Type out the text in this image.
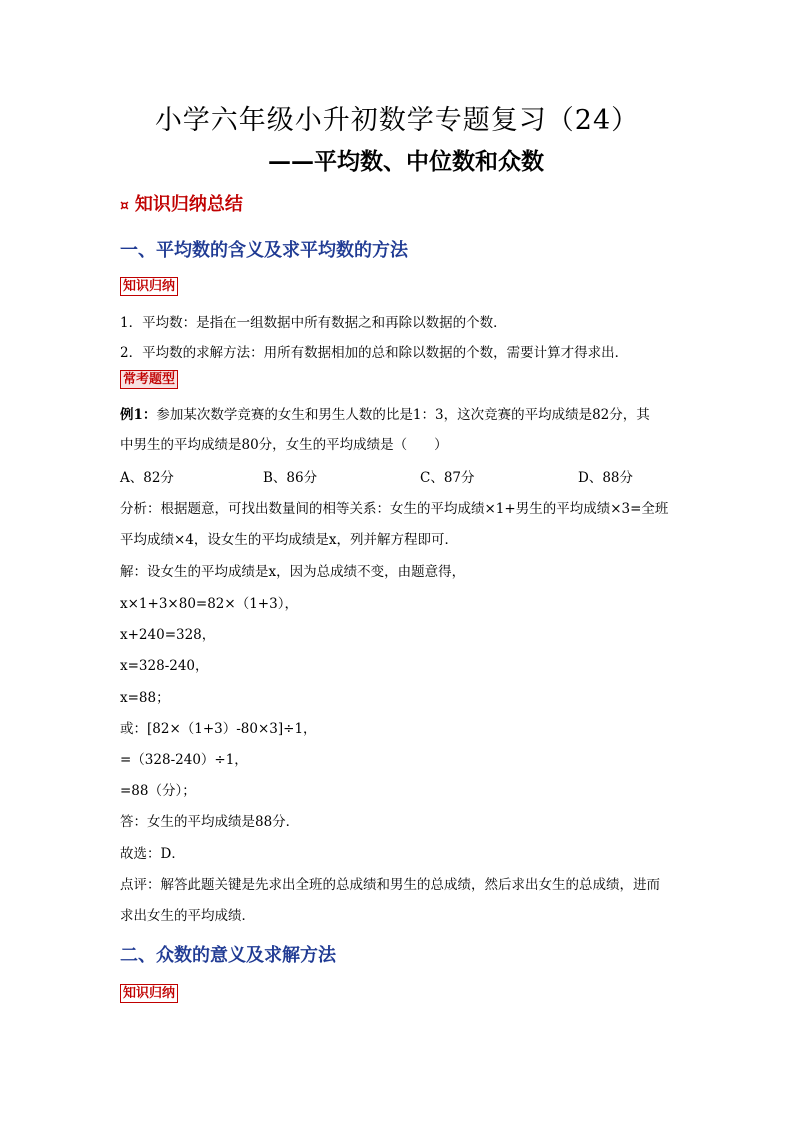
小学六年级小升初数学专题复习（24）
——平均数、中位数和众数
¤ 知识归纳总结
一、平均数的含义及求平均数的方法
知识归纳
1．平均数：是指在一组数据中所有数据之和再除以数据的个数．
2．平均数的求解方法：用所有数据相加的总和除以数据的个数，需要计算才得求出．
常考题型
例1：参加某次数学竞赛的女生和男生人数的比是1：3，这次竞赛的平均成绩是82分，其
中男生的平均成绩是80分，女生的平均成绩是（　　）
A、82分	B、86分	C、87分	D、88分
分析：根据题意，可找出数量间的相等关系：女生的平均成绩×1+男生的平均成绩×3=全班
平均成绩×4，设女生的平均成绩是x，列并解方程即可．
解：设女生的平均成绩是x，因为总成绩不变，由题意得，
x×1+3×80=82×（1+3），
x+240=328，
x=328-240，
x=88；
或：[82×（1+3）-80×3]÷1，
=（328-240）÷1，
=88（分）；
答：女生的平均成绩是88分．
故选：D．
点评：解答此题关键是先求出全班的总成绩和男生的总成绩，然后求出女生的总成绩，进而
求出女生的平均成绩．
二、众数的意义及求解方法
知识归纳
